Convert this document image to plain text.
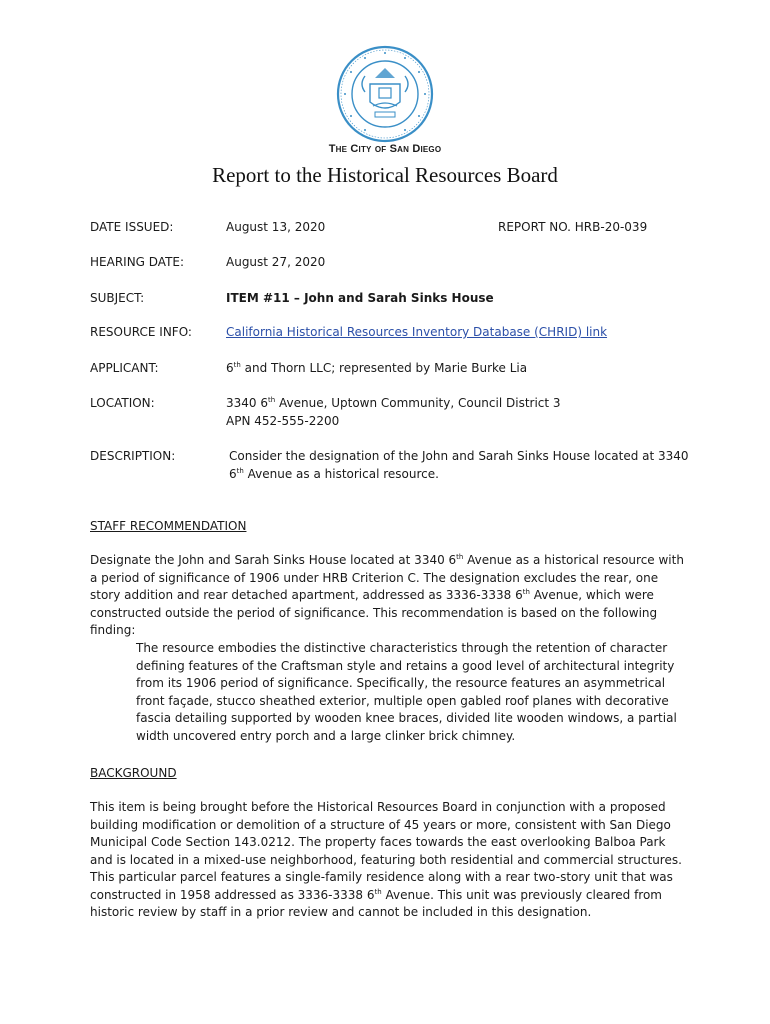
The City of San Diego
Report to the Historical Resources Board
DATE ISSUED:	August 13, 2020	REPORT NO. HRB-20-039
HEARING DATE:	August 27, 2020
SUBJECT:	ITEM #11 – John and Sarah Sinks House
RESOURCE INFO:	California Historical Resources Inventory Database (CHRID) link
APPLICANT:	6th and Thorn LLC; represented by Marie Burke Lia
LOCATION:	3340 6th Avenue, Uptown Community, Council District 3
APN 452-555-2200
DESCRIPTION:	Consider the designation of the John and Sarah Sinks House located at 3340
6th Avenue as a historical resource.
STAFF RECOMMENDATION
Designate the John and Sarah Sinks House located at 3340 6th Avenue as a historical resource with a period of significance of 1906 under HRB Criterion C. The designation excludes the rear, one story addition and rear detached apartment, addressed as 3336-3338 6th Avenue, which were constructed outside the period of significance. This recommendation is based on the following finding:
The resource embodies the distinctive characteristics through the retention of character defining features of the Craftsman style and retains a good level of architectural integrity from its 1906 period of significance. Specifically, the resource features an asymmetrical front façade, stucco sheathed exterior, multiple open gabled roof planes with decorative fascia detailing supported by wooden knee braces, divided lite wooden windows, a partial width uncovered entry porch and a large clinker brick chimney.
BACKGROUND
This item is being brought before the Historical Resources Board in conjunction with a proposed building modification or demolition of a structure of 45 years or more, consistent with San Diego Municipal Code Section 143.0212. The property faces towards the east overlooking Balboa Park and is located in a mixed-use neighborhood, featuring both residential and commercial structures. This particular parcel features a single-family residence along with a rear two-story unit that was constructed in 1958 addressed as 3336-3338 6th Avenue. This unit was previously cleared from historic review by staff in a prior review and cannot be included in this designation.
